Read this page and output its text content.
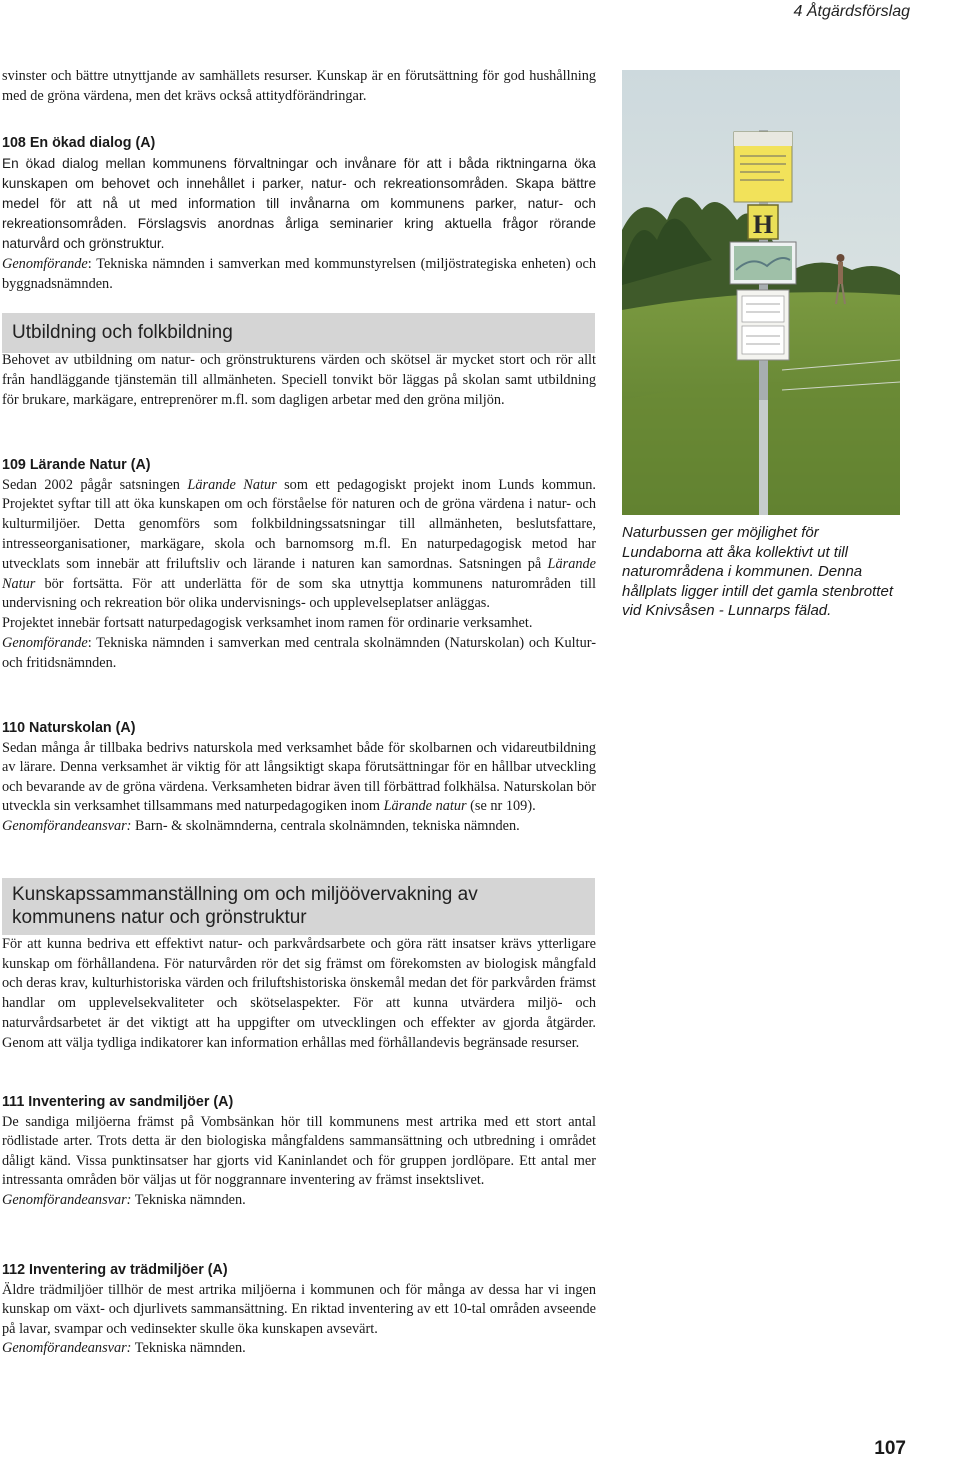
4 Åtgärdsförslag

svinster och bättre utnyttjande av samhällets resurser. Kunskap är en förutsättning för god hushållning med de gröna värdena, men det krävs också attitydförändringar.

108 En ökad dialog (A)

En ökad dialog mellan kommunens förvaltningar och invånare för att i båda riktningarna öka kunskapen om behovet och innehållet i parker, natur- och rekreationsområden. Skapa bättre medel för att nå ut med information till invånarna om kommunens parker, natur- och rekreationsområden. Förslagsvis anordnas årliga seminarier kring aktuella frågor rörande naturvård och grönstruktur.

Genomförande: Tekniska nämnden i samverkan med kommunstyrelsen (miljöstrategiska enheten) och byggnadsnämnden.

Utbildning och folkbildning

Behovet av utbildning om natur- och grönstrukturens värden och skötsel är mycket stort och rör allt från handläggande tjänstemän till allmänheten. Speciell tonvikt bör läggas på skolan samt utbildning för brukare, markägare, entreprenörer m.fl. som dagligen arbetar med den gröna miljön.

109 Lärande Natur (A)

Sedan 2002 pågår satsningen Lärande Natur som ett pedagogiskt projekt inom Lunds kommun. Projektet syftar till att öka kunskapen om och förståelse för naturen och de gröna värdena i natur- och kulturmiljöer. Detta genomförs som folkbildningssatsningar till allmänheten, beslutsfattare, intresseorganisationer, markägare, skola och barnomsorg m.fl. En naturpedagogisk metod har utvecklats som innebär att friluftsliv och lärande i naturen kan samordnas. Satsningen på Lärande Natur bör fortsätta. För att underlätta för de som ska utnyttja kommunens naturområden till undervisning och rekreation bör olika undervisnings- och upplevelseplatser anläggas.

Projektet innebär fortsatt naturpedagogisk verksamhet inom ramen för ordinarie verksamhet.

Genomförande: Tekniska nämnden i samverkan med centrala skolnämnden (Naturskolan) och Kultur- och fritidsnämnden.

110 Naturskolan (A)

Sedan många år tillbaka bedrivs naturskola med verksamhet både för skolbarnen och vidareutbildning av lärare. Denna verksamhet är viktig för att långsiktigt skapa förutsättningar för en hållbar utveckling och bevarande av de gröna värdena. Verksamheten bidrar även till förbättrad folkhälsa. Naturskolan bör utveckla sin verksamhet tillsammans med naturpedagogiken inom Lärande natur (se nr 109).

Genomförandeansvar: Barn- & skolnämnderna, centrala skolnämnden, tekniska nämnden.

Kunskapssammanställning om och miljöövervakning av kommunens natur och grönstruktur

För att kunna bedriva ett effektivt natur- och parkvårdsarbete och göra rätt insatser krävs ytterligare kunskap om förhållandena. För naturvården rör det sig främst om förekomsten av biologisk mångfald och deras krav, kulturhistoriska värden och friluftshistoriska önskemål medan det för parkvården främst handlar om upplevelsekvaliteter och skötselaspekter. För att kunna utvärdera miljö- och naturvårdsarbetet är det viktigt att ha uppgifter om utvecklingen och effekter av gjorda åtgärder. Genom att välja tydliga indikatorer kan information erhållas med förhållandevis begränsade resurser.

111 Inventering av sandmiljöer (A)

De sandiga miljöerna främst på Vombsänkan hör till kommunens mest artrika med ett stort antal rödlistade arter. Trots detta är den biologiska mångfaldens sammansättning och utbredning i området dåligt känd. Vissa punktinsatser har gjorts vid Kaninlandet och för gruppen jordlöpare. Ett antal mer intressanta områden bör väljas ut för noggrannare inventering av främst insektslivet.

Genomförandeansvar: Tekniska nämnden.

112 Inventering av trädmiljöer (A)

Äldre trädmiljöer tillhör de mest artrika miljöerna i kommunen och för många av dessa har vi ingen kunskap om växt- och djurlivets sammansättning. En riktad inventering av ett 10-tal områden avseende på lavar, svampar och vedinsekter skulle öka kunskapen avsevärt.

Genomförandeansvar: Tekniska nämnden.

H
Naturbussen ger möjlighet för Lundaborna att åka kollektivt ut till naturområdena i kommunen. Denna hållplats ligger intill det gamla stenbrottet vid Knivsåsen - Lunnarps fälad.
107
